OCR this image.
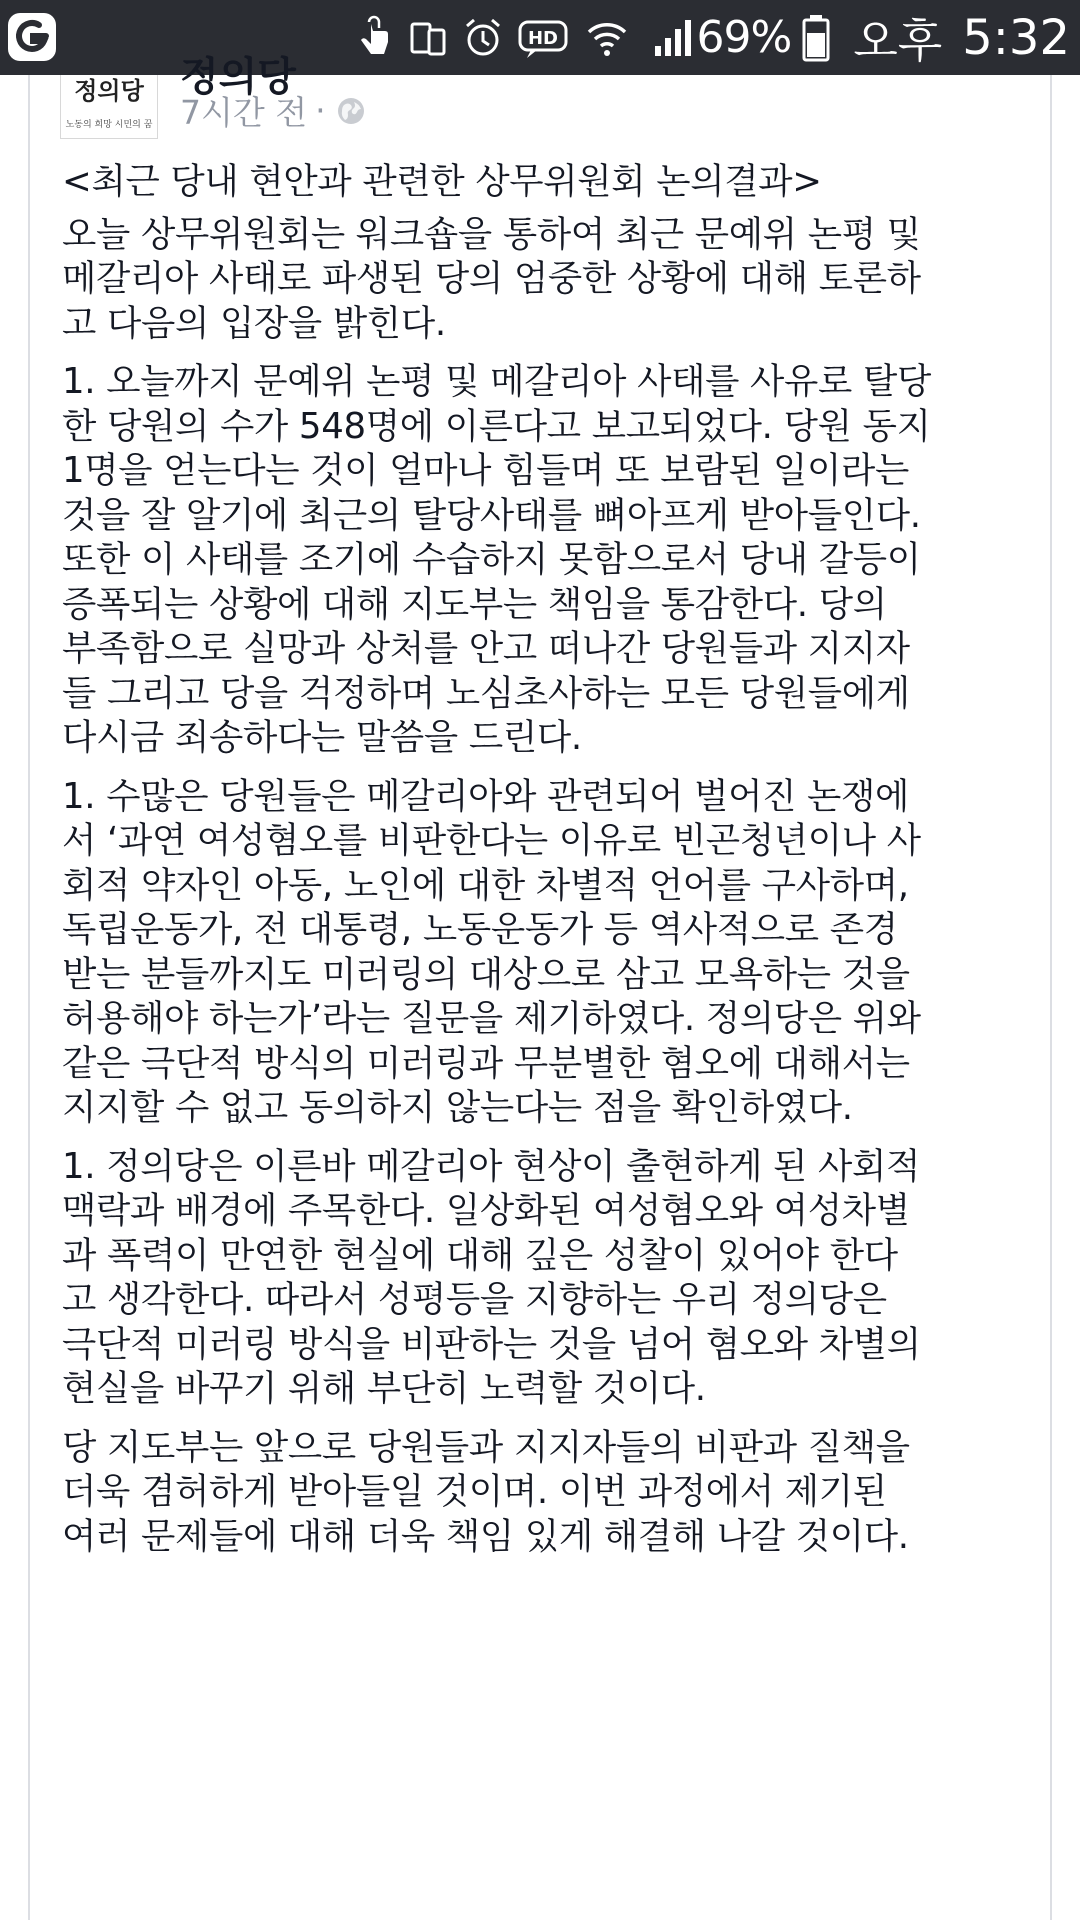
HD	69% 오후 5:32
정의당
노동의 희망 시민의 꿈
정의당
7시간 전 ·
<최근 당내 현안과 관련한 상무위원회 논의결과>
오늘 상무위원회는 워크숍을 통하여 최근 문예위 논평 및
메갈리아 사태로 파생된 당의 엄중한 상황에 대해 토론하
고 다음의 입장을 밝힌다.
1. 오늘까지 문예위 논평 및 메갈리아 사태를 사유로 탈당
한 당원의 수가 548명에 이른다고 보고되었다. 당원 동지
1명을 얻는다는 것이 얼마나 힘들며 또 보람된 일이라는
것을 잘 알기에 최근의 탈당사태를 뼈아프게 받아들인다.
또한 이 사태를 조기에 수습하지 못함으로서 당내 갈등이
증폭되는 상황에 대해 지도부는 책임을 통감한다. 당의
부족함으로 실망과 상처를 안고 떠나간 당원들과 지지자
들 그리고 당을 걱정하며 노심초사하는 모든 당원들에게
다시금 죄송하다는 말씀을 드린다.
1. 수많은 당원들은 메갈리아와 관련되어 벌어진 논쟁에
서 ‘과연 여성혐오를 비판한다는 이유로 빈곤청년이나 사
회적 약자인 아동, 노인에 대한 차별적 언어를 구사하며,
독립운동가, 전 대통령, 노동운동가 등 역사적으로 존경
받는 분들까지도 미러링의 대상으로 삼고 모욕하는 것을
허용해야 하는가’라는 질문을 제기하였다. 정의당은 위와
같은 극단적 방식의 미러링과 무분별한 혐오에 대해서는
지지할 수 없고 동의하지 않는다는 점을 확인하였다.
1. 정의당은 이른바 메갈리아 현상이 출현하게 된 사회적
맥락과 배경에 주목한다. 일상화된 여성혐오와 여성차별
과 폭력이 만연한 현실에 대해 깊은 성찰이 있어야 한다
고 생각한다. 따라서 성평등을 지향하는 우리 정의당은
극단적 미러링 방식을 비판하는 것을 넘어 혐오와 차별의
현실을 바꾸기 위해 부단히 노력할 것이다.
당 지도부는 앞으로 당원들과 지지자들의 비판과 질책을
더욱 겸허하게 받아들일 것이며. 이번 과정에서 제기된
여러 문제들에 대해 더욱 책임 있게 해결해 나갈 것이다.
